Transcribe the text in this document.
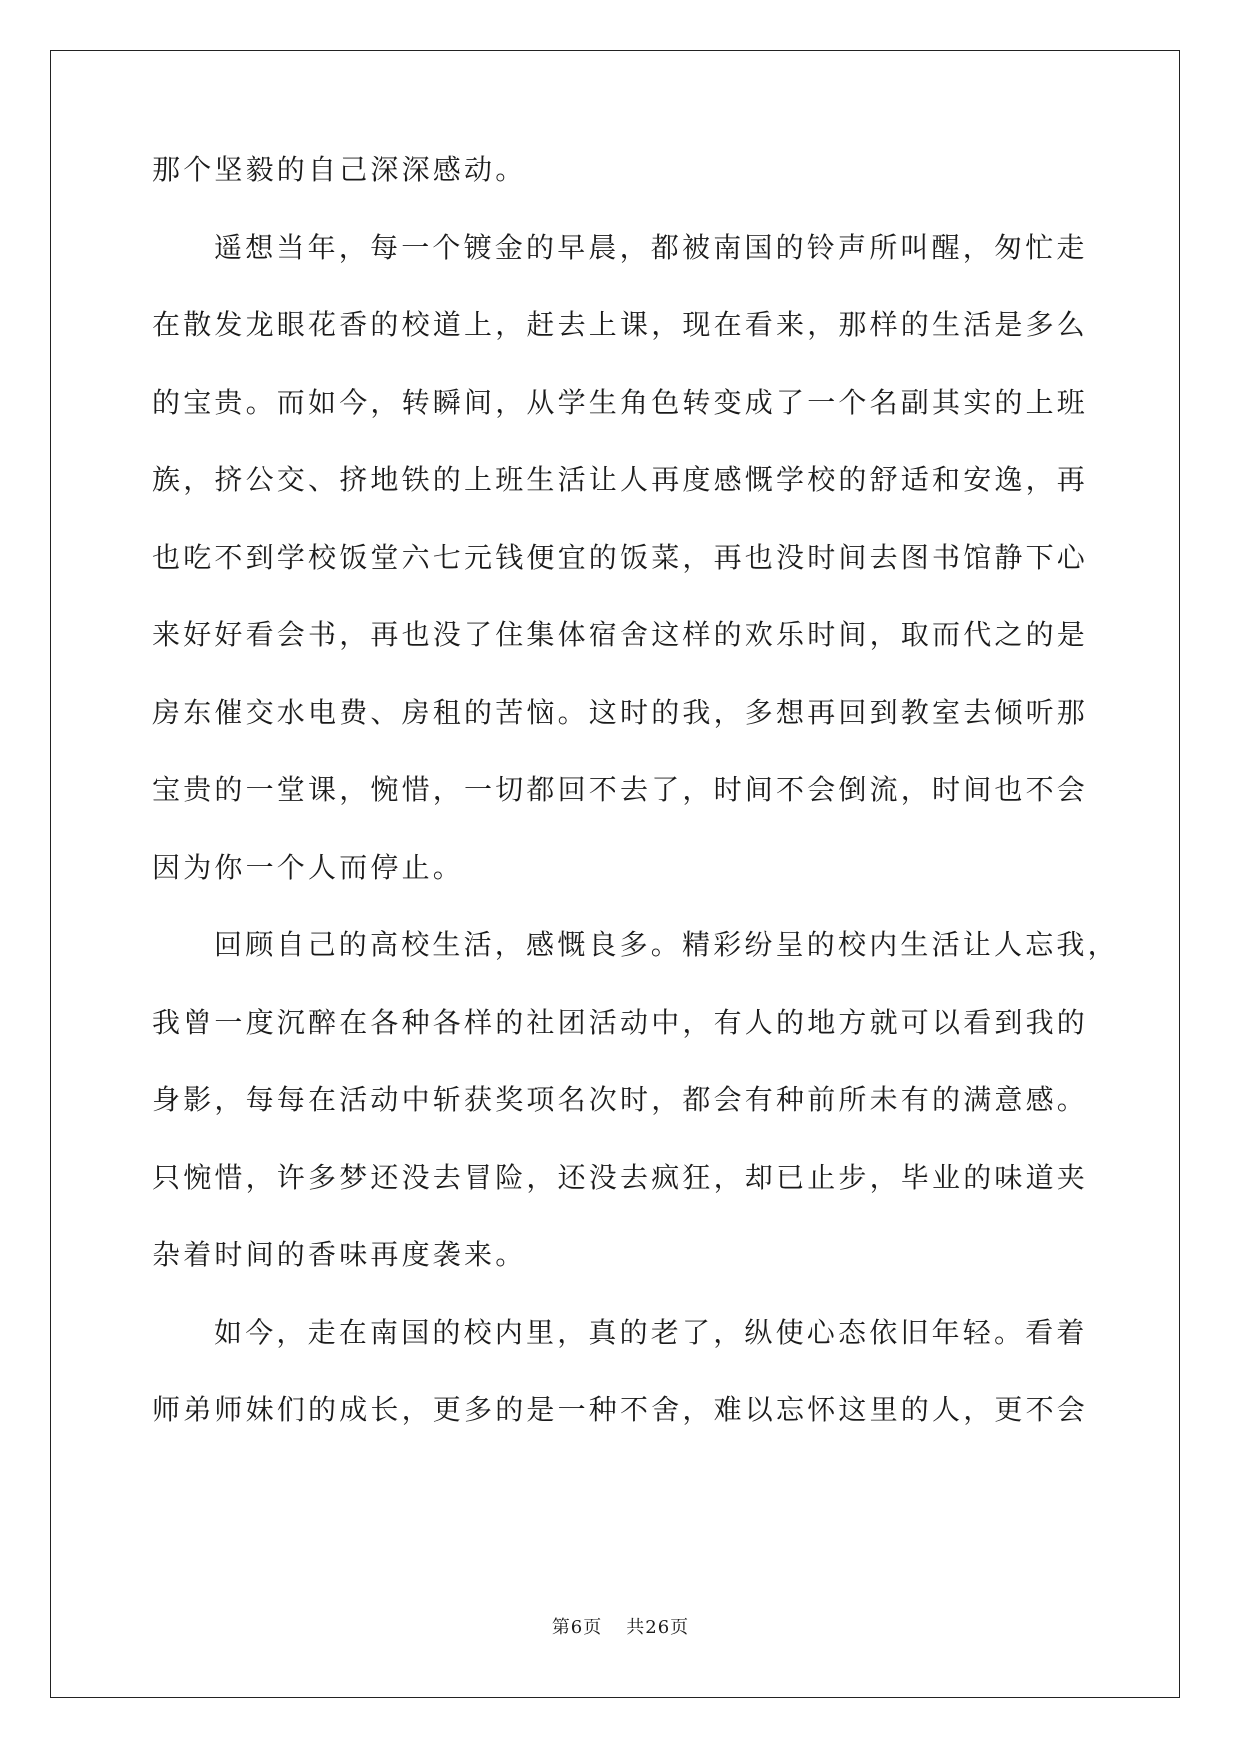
那个坚毅的自己深深感动。
遥想当年，每一个镀金的早晨，都被南国的铃声所叫醒，匆忙走
在散发龙眼花香的校道上，赶去上课，现在看来，那样的生活是多么
的宝贵。而如今，转瞬间，从学生角色转变成了一个名副其实的上班
族，挤公交、挤地铁的上班生活让人再度感慨学校的舒适和安逸，再
也吃不到学校饭堂六七元钱便宜的饭菜，再也没时间去图书馆静下心
来好好看会书，再也没了住集体宿舍这样的欢乐时间，取而代之的是
房东催交水电费、房租的苦恼。这时的我，多想再回到教室去倾听那
宝贵的一堂课，惋惜，一切都回不去了，时间不会倒流，时间也不会
因为你一个人而停止。
回顾自己的高校生活，感慨良多。精彩纷呈的校内生活让人忘我，
我曾一度沉醉在各种各样的社团活动中，有人的地方就可以看到我的
身影，每每在活动中斩获奖项名次时，都会有种前所未有的满意感。
只惋惜，许多梦还没去冒险，还没去疯狂，却已止步，毕业的味道夹
杂着时间的香味再度袭来。
如今，走在南国的校内里，真的老了，纵使心态依旧年轻。看着
师弟师妹们的成长，更多的是一种不舍，难以忘怀这里的人，更不会
第6页 共26页
